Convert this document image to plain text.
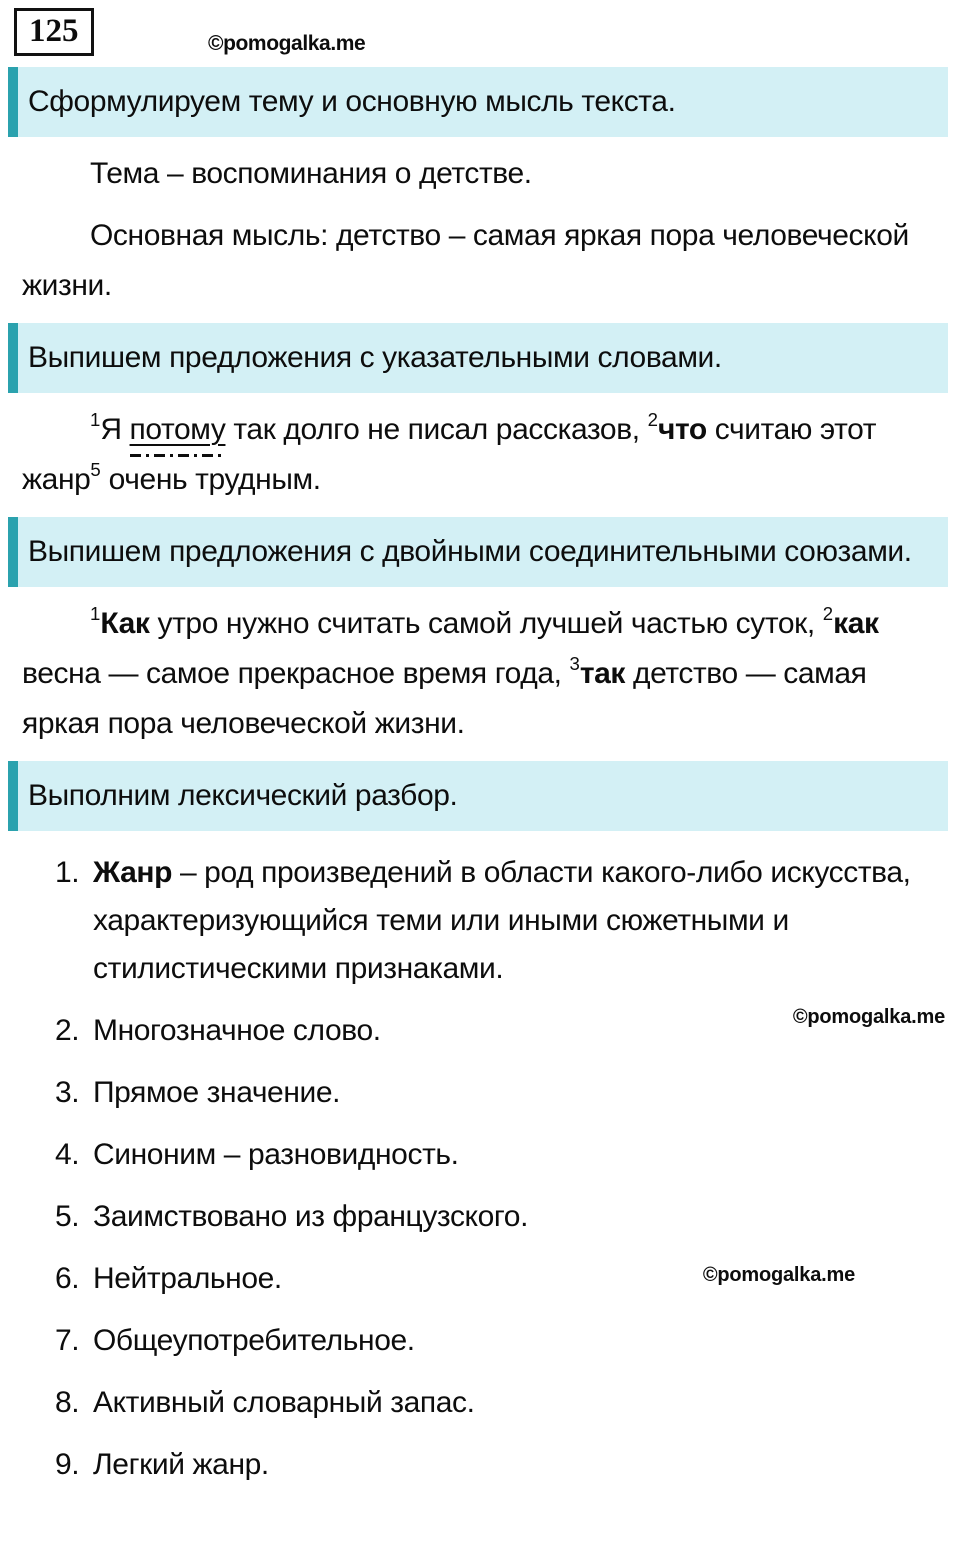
125	©pomogalka.me
Сформулируем тему и основную мысль текста.

Тема – воспоминания о детстве.

Основная мысль: детство – самая яркая пора человеческой жизни.

Выпишем предложения с указательными словами.

$^1$Я потому так долго не писал рассказов, $^2$что считаю этот жанр$^5$ очень трудным.

Выпишем предложения с двойными соединительными союзами.

$^1$Как утро нужно считать самой лучшей частью суток, $^2$как весна — самое прекрасное время года, $^3$так детство — самая яркая пора человеческой жизни.

Выполним лексический разбор.
1. Жанр – род произведений в области какого-либо искусства, характеризующийся теми или иными сюжетными и стилистическими признаками.
2. Многозначное слово.	©pomogalka.me
3. Прямое значение.
4. Синоним – разновидность.
5. Заимствовано из французского.
6. Нейтральное.	©pomogalka.me
7. Общеупотребительное.
8. Активный словарный запас.
9. Легкий жанр.
